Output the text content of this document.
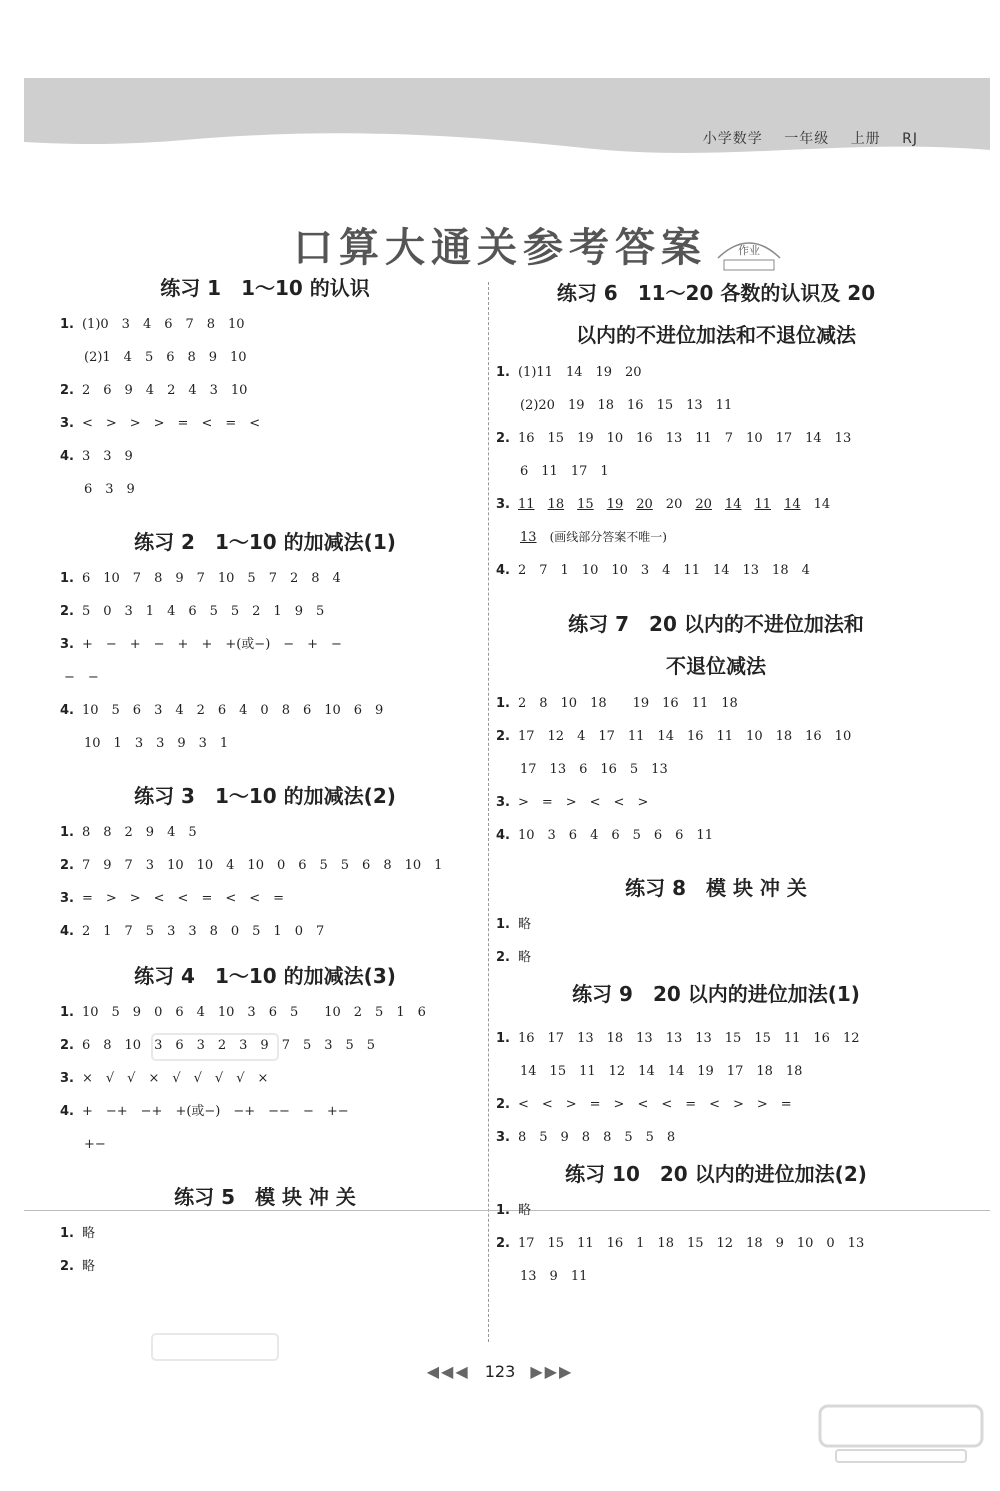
小学数学 一年级 上册 RJ
口算大通关参考答案	作业
练习 1　1～10 的认识
1. (1)0　3　4　6　7　8　10
(2)1　4　5　6　8　9　10
2. 2　6　9　4　2　4　3　10
3. <　>　>　>　=　<　=　<
4. 3　3　9
6　3　9
练习 2　1～10 的加减法(1)
1. 6　10　7　8　9　7　10　5　7　2　8　4
2. 5　0　3　1　4　6　5　5　2　1　9　5
3. +　−　+　−　+　+　+(或−)　−　+　−
−　−
4. 10　5　6　3　4　2　6　4　0　8　6　10　6　9
10　1　3　3　9　3　1
练习 3　1～10 的加减法(2)
1. 8　8　2　9　4　5
2. 7　9　7　3　10　10　4　10　0　6　5　5　6　8　10　1
3. =　>　>　<　<　=　<　<　=
4. 2　1　7　5　3　3　8　0　5　1　0　7
练习 4　1～10 的加减法(3)
1. 10　5　9　0　6　4　10　3　6　5　　10　2　5　1　6
2. 6　8　10　3　6　3　2　3　9　7　5　3　5　5
3. ×　√　√　×　√　√　√　√　×
4. +　−+　−+　+(或−)　−+　−−　−　+−
+−
练习 5　模 块 冲 关
1. 略
2. 略
练习 6　11～20 各数的认识及 20
以内的不进位加法和不退位减法
1. (1)11　14　19　20
(2)20　19　18　16　15　13　11
2. 16　15　19　10　16　13　11　7　10　17　14　13
6　11　17　1
3. 11　 18　 15　 19　 20　 20　 20　 14　 11　 14　 14
13　 (画线部分答案不唯一)
4. 2　7　1　10　10　3　4　11　14　13　18　4
练习 7　20 以内的不进位加法和
不退位减法
1. 2　8　10　18　　19　16　11　18
2. 17　12　4　17　11　14　16　11　10　18　16　10
17　13　6　16　5　13
3. >　=　>　<　<　>
4. 10　3　6　4　6　5　6　6　11
练习 8　模 块 冲 关
1. 略
2. 略
练习 9　20 以内的进位加法(1)
1. 16　17　13　18　13　13　13　15　15　11　16　12
14　15　11　12　14　14　19　17　18　18
2. <　<　>　=　>　<　<　=　<　>　>　=
3. 8　5　9　8　8　5　5　8
练习 10　20 以内的进位加法(2)
1. 略
2. 17　15　11　16　1　18　15　12　18　9　10　0　13
13　9　11
◀◀◀ 123 ▶▶▶
